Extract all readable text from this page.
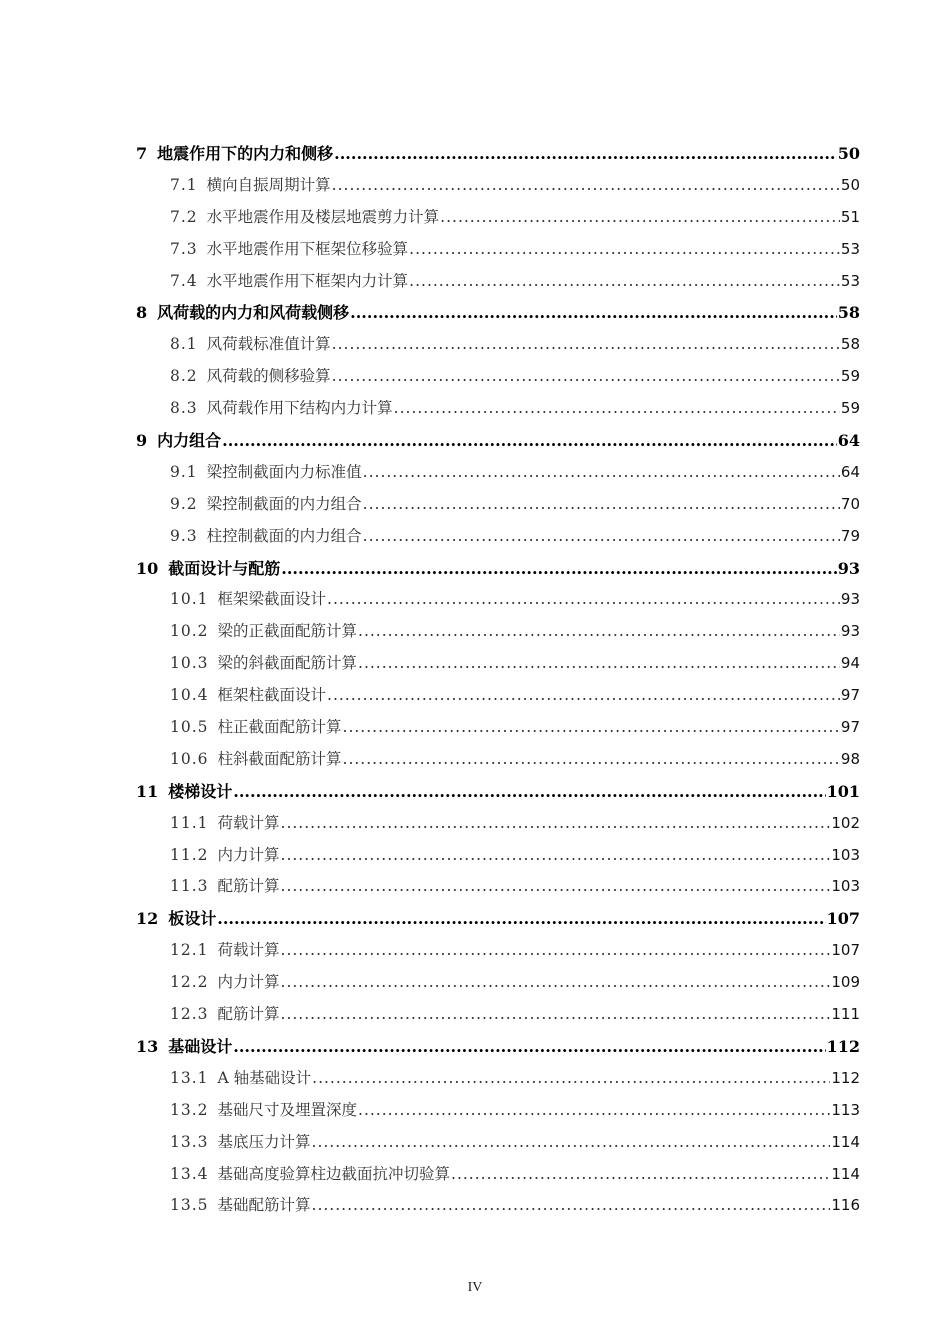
7 地震作用下的内力和侧移 .....	50
7.1 横向自振周期计算 .....	50
7.2 水平地震作用及楼层地震剪力计算 .....	51
7.3 水平地震作用下框架位移验算 .....	53
7.4 水平地震作用下框架内力计算 .....	53
8 风荷载的内力和风荷载侧移 .....	58
8.1 风荷载标准值计算 .....	58
8.2 风荷载的侧移验算 .....	59
8.3 风荷载作用下结构内力计算 .....	59
9 内力组合 .....	64
9.1 梁控制截面内力标准值 .....	64
9.2 梁控制截面的内力组合 .....	70
9.3 柱控制截面的内力组合 .....	79
10 截面设计与配筋 .....	93
10.1 框架梁截面设计 .....	93
10.2 梁的正截面配筋计算 .....	93
10.3 梁的斜截面配筋计算 .....	94
10.4 框架柱截面设计 .....	97
10.5 柱正截面配筋计算 .....	97
10.6 柱斜截面配筋计算 .....	98
11 楼梯设计 .....	101
11.1 荷载计算 .....	102
11.2 内力计算 .....	103
11.3 配筋计算 .....	103
12 板设计 .....	107
12.1 荷载计算 .....	107
12.2 内力计算 .....	109
12.3 配筋计算 .....	111
13 基础设计 .....	112
13.1 A 轴基础设计 .....	112
13.2 基础尺寸及埋置深度 .....	113
13.3 基底压力计算 .....	114
13.4 基础高度验算柱边截面抗冲切验算 .....	114
13.5 基础配筋计算 .....	116
IV
